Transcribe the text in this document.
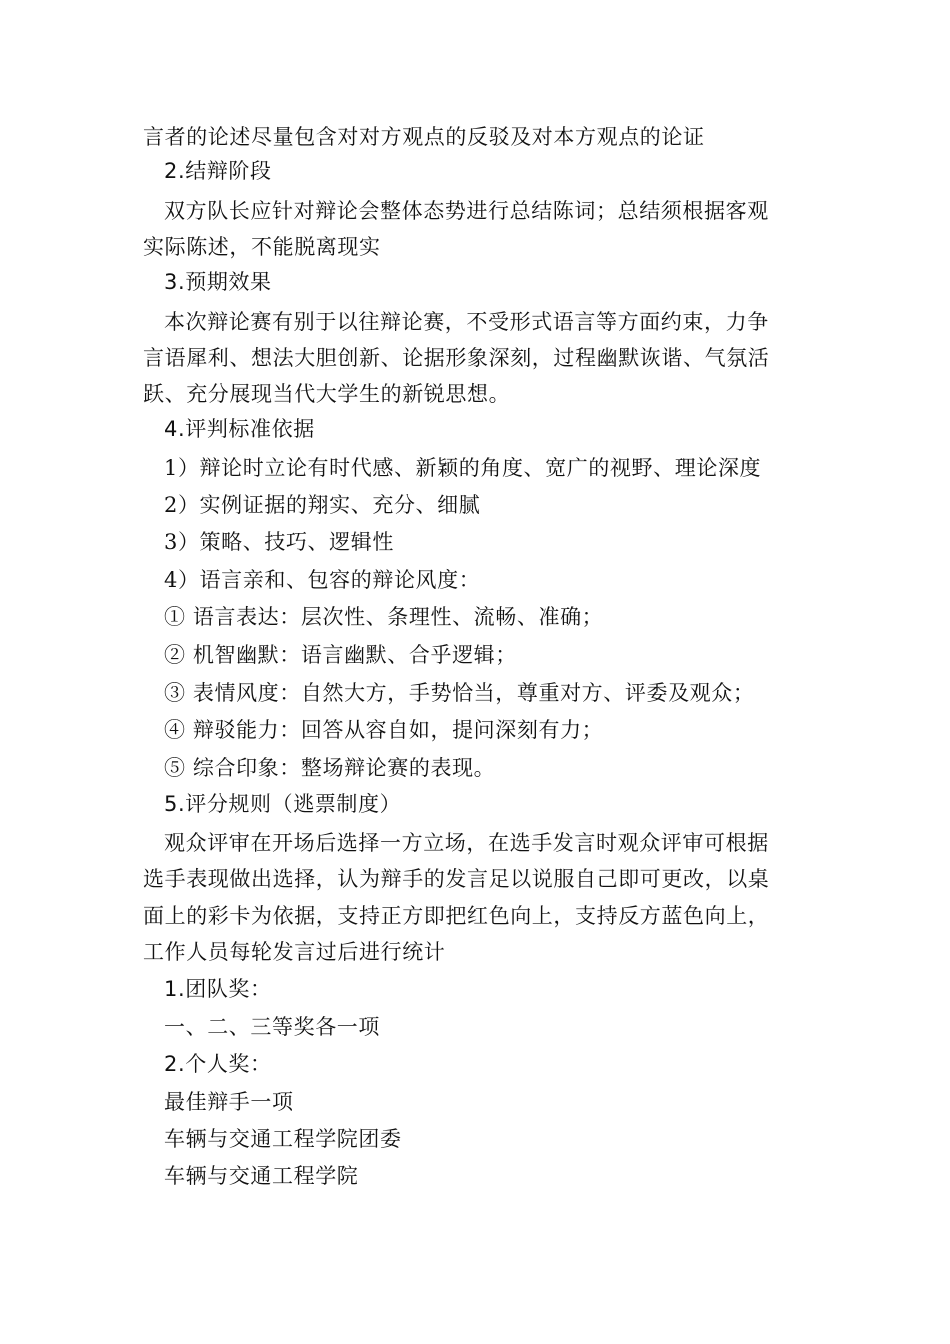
言者的论述尽量包含对对方观点的反驳及对本方观点的论证
2.结辩阶段
双方队长应针对辩论会整体态势进行总结陈词；总结须根据客观
实际陈述，不能脱离现实
3.预期效果
本次辩论赛有别于以往辩论赛，不受形式语言等方面约束，力争
言语犀利、想法大胆创新、论据形象深刻，过程幽默诙谐、气氛活
跃、充分展现当代大学生的新锐思想。
4.评判标准依据
1）辩论时立论有时代感、新颖的角度、宽广的视野、理论深度
2）实例证据的翔实、充分、细腻
3）策略、技巧、逻辑性
4）语言亲和、包容的辩论风度：
① 语言表达：层次性、条理性、流畅、准确；
② 机智幽默：语言幽默、合乎逻辑；
③ 表情风度：自然大方，手势恰当，尊重对方、评委及观众；
④ 辩驳能力：回答从容自如，提问深刻有力；
⑤ 综合印象：整场辩论赛的表现。
5.评分规则（逃票制度）
观众评审在开场后选择一方立场，在选手发言时观众评审可根据
选手表现做出选择，认为辩手的发言足以说服自己即可更改，以桌
面上的彩卡为依据，支持正方即把红色向上，支持反方蓝色向上，
工作人员每轮发言过后进行统计
1.团队奖：
一、二、三等奖各一项
2.个人奖：
最佳辩手一项
车辆与交通工程学院团委
车辆与交通工程学院
